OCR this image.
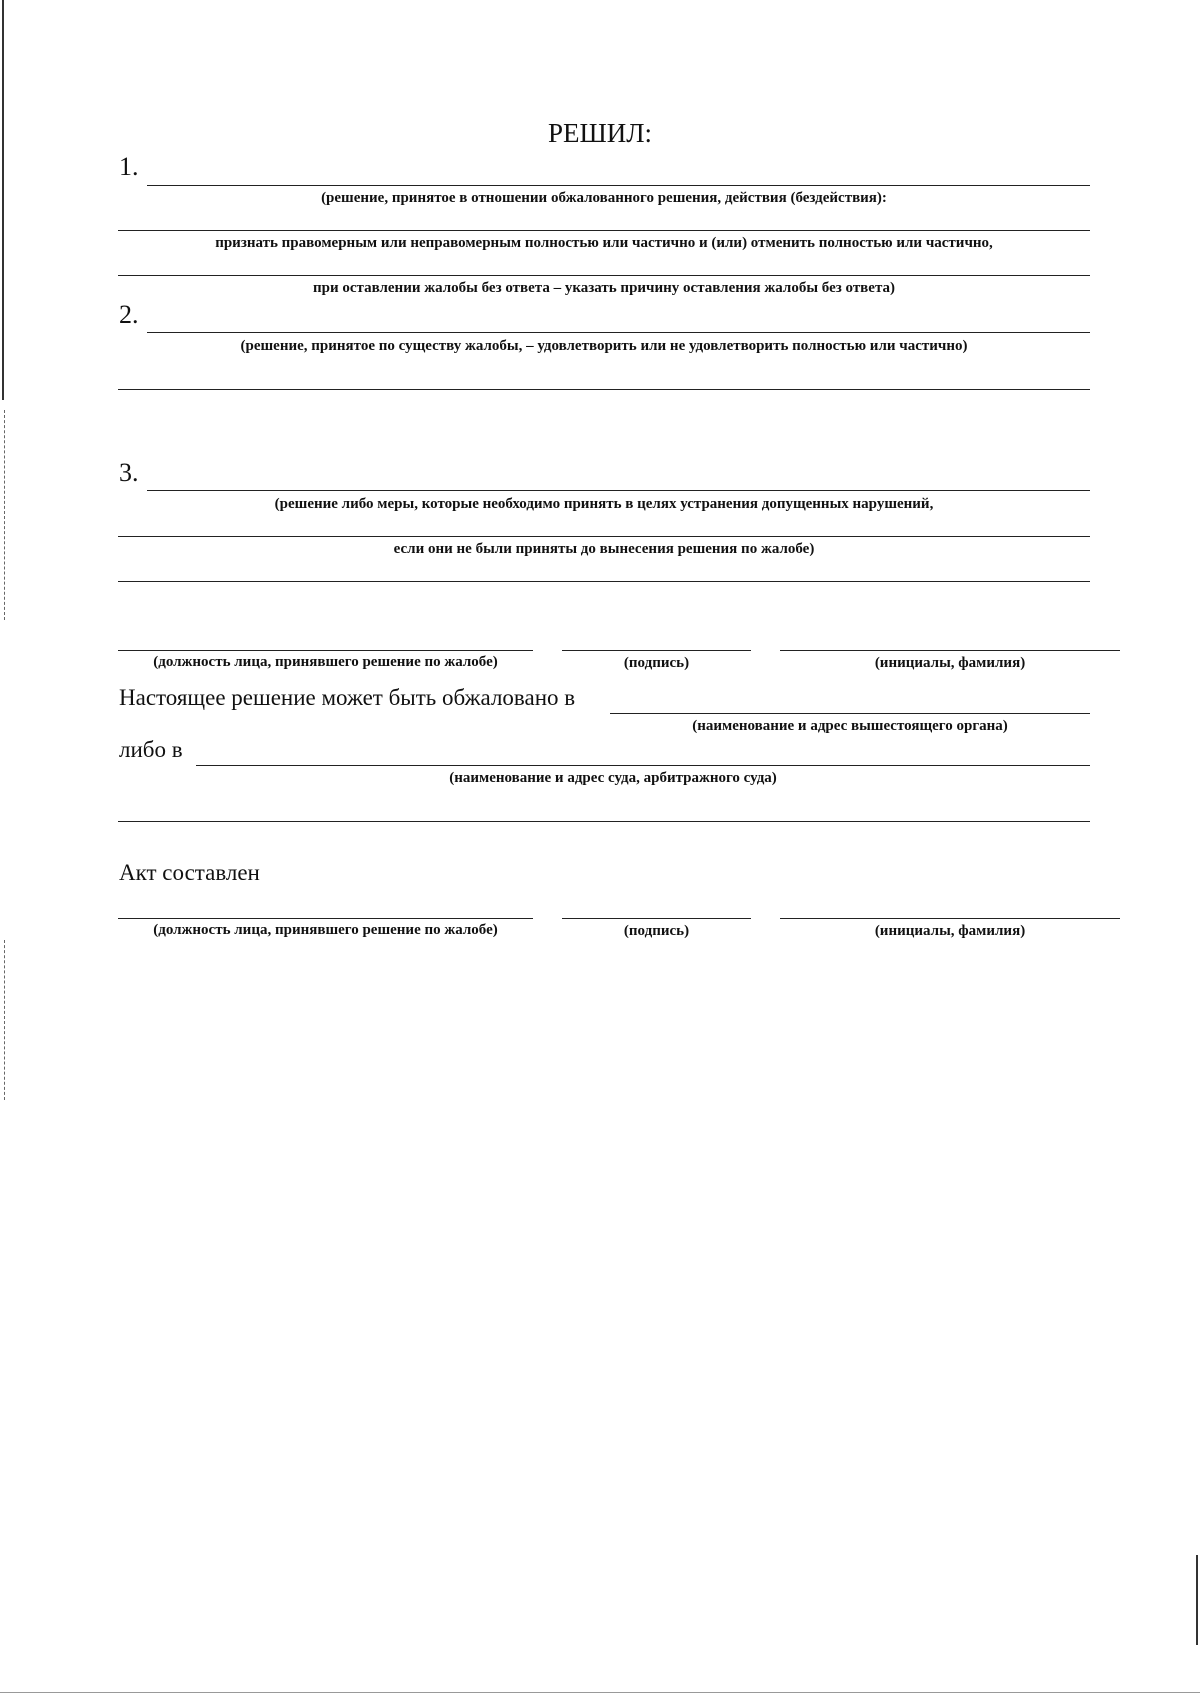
РЕШИЛ:
1.
(решение, принятое в отношении обжалованного решения, действия (бездействия):
признать правомерным или неправомерным полностью или частично и (или) отменить полностью или частично,
при оставлении жалобы без ответа – указать причину оставления жалобы без ответа)
2.
(решение, принятое по существу жалобы, – удовлетворить или не удовлетворить полностью или частично)
3.
(решение либо меры, которые необходимо принять в целях устранения допущенных нарушений,
если они не были приняты до вынесения решения по жалобе)
(должность лица, принявшего решение по жалобе)	(подпись)	(инициалы, фамилия)
Настоящее решение может быть обжаловано в
(наименование и адрес вышестоящего органа)
либо в
(наименование и адрес суда, арбитражного суда)
Акт составлен
(должность лица, принявшего решение по жалобе)	(подпись)	(инициалы, фамилия)
